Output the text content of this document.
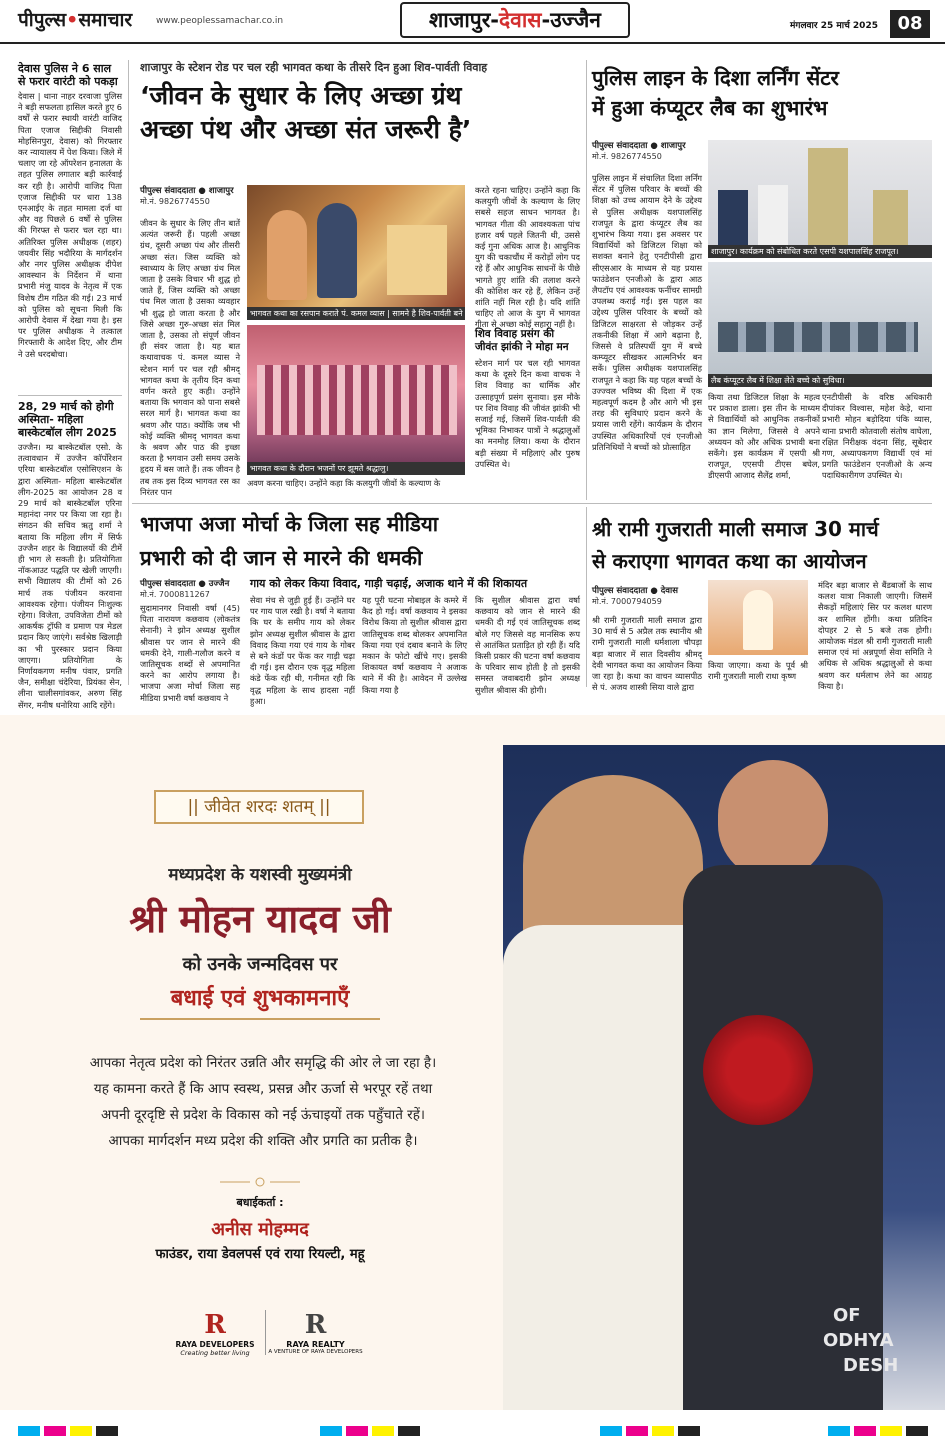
पीपुल्स•समाचार	www.peoplessamachar.co.in	शाजापुर-देवास-उज्जैन	मंगलवार 25 मार्च 2025	08
देवास पुलिस ने 6 साल से फरार वारंटी को पकड़ा
देवास | थाना नाहर दरवाजा पुलिस ने बड़ी सफलता हासिल करते हुए 6 वर्षों से फरार स्थायी वारंटी वाजिद पिता एजाज सिद्दीकी निवासी मोहसिनपुरा, देवास) को गिरफ्तार कर न्यायालय में पेश किया। जिले में चलाए जा रहे ऑपरेशन हनालता के तहत पुलिस लगातार बड़ी कार्रवाई कर रही है। आरोपी वाजिद पिता एजाज सिद्दीकी पर धारा 138 एनआईए के तहत मामला दर्ज था और वह पिछले 6 वर्षों से पुलिस की गिरफ्त से फरार चल रहा था। अतिरिक्त पुलिस अधीक्षक (शहर) जयवीर सिंह भदौरिया के मार्गदर्शन और नगर पुलिस अधीक्षक दीपेश आवस्थान के निर्देशन में थाना प्रभारी मंजु यादव के नेतृत्व में एक विशेष टीम गठित की गई। 23 मार्च को पुलिस को सूचना मिली कि आरोपी देवास में देखा गया है। इस पर पुलिस अधीक्षक ने तत्काल गिरफ्तारी के आदेश दिए, और टीम ने उसे धरदबोचा।
28, 29 मार्च को होगी अस्मिता- महिला बास्केटबॉल लीग 2025
उज्जैन। म्प्र बास्केटबॉल एसो. के तत्वावधान में उज्जैन कॉर्पोरेशन एरिया बास्केटबॉल एसोसिएशन के द्वारा अस्मिता- महिला बास्केटबॉल लीग-2025 का आयोजन 28 व 29 मार्च को बास्केटबॉल एरिना महानंदा नगर पर किया जा रहा है। संगठन की सचिव ऋतु शर्मा ने बताया कि महिला लीग में सिर्फ उज्जैन शहर के विद्यालयों की टीमें ही भाग ले सकती है। प्रतियोगिता नॉकआउट पद्धति पर खेली जाएगी। सभी विद्यालय की टीमों को 26 मार्च तक पंजीयन करवाना आवश्यक रहेगा। पंजीयन निःशुल्क रहेगा। विजेता, उपविजेता टीमों को आकर्षक ट्रॉफी व प्रमाण पत्र मेडल प्रदान किए जाएंगे। सर्वश्रेष्ठ खिलाड़ी का भी पुरस्कार प्रदान किया जाएगा। प्रतियोगिता के निर्णायकगण मनीष पंवार, प्रगति जैन, समीक्षा चंदेरिया, प्रियंका सेन, लीना चालीसगांवकर, अरुण सिंह सेंगर, मनीष धनोरिया आदि रहेंगे।
शाजापुर के स्टेशन रोड पर चल रही भागवत कथा के तीसरे दिन हुआ शिव-पार्वती विवाह
‘जीवन के सुधार के लिए अच्छा ग्रंथ
अच्छा पंथ और अच्छा संत जरूरी है’
पीपुल्स संवाददाता ● शाजापुर
मो.नं. 9826774550
जीवन के सुधार के लिए तीन बातें अत्यंत जरूरी हैं। पहली अच्छा ग्रंथ, दूसरी अच्छा पंथ और तीसरी अच्छा संत। जिस व्यक्ति को स्वाध्याय के लिए अच्छा ग्रंथ मिल जाता है उसके विचार भी शुद्ध हो जाते हैं, जिस व्यक्ति को अच्छा पंथ मिल जाता है उसका व्यवहार भी शुद्ध हो जाता करता है और जिसे अच्छा गुरु-अच्छा संत मिल जाता है, उसका तो संपूर्ण जीवन ही संवर जाता है। यह बात कथावाचक पं. कमल व्यास ने स्टेशन मार्ग पर चल रही श्रीमद् भागवत कथा के तृतीय दिन कथा वर्णन करते हुए कही। उन्होंने बताया कि भगवान को पाना सबसे सरल मार्ग है। भागवत कथा का श्रवण और पाठ। क्योंकि जब भी कोई व्यक्ति श्रीमद् भागवत कथा के श्रवण और पाठ की इच्छा करता है भगवान उसी समय उसके हृदय में बस जाते हैं। तक जीवन है तब तक इस दिव्य भागवत रस का निरंतर पान
भागवत कथा का रसपान कराते पं. कमल व्यास | सामने है शिव-पार्वती बने कलाकार।
भागवत कथा के दौरान भजनों पर झूमते श्रद्धालु।
अवण करना चाहिए। उन्होंने कहा कि कलयुगी जीवों के कल्याण के
करते रहना चाहिए। उन्होंने कहा कि कलयुगी जीवों के कल्याण के लिए सबसे सहज साधन भागवत है। भागवत गीता की आवश्यकता पांच हजार वर्ष पहले जितनी थी, उससे कई गुना अधिक आज है। आधुनिक युग की चकाचौंध में करोड़ों लोग पद रहे हैं और आधुनिक साधनों के पीछे भागते हुए शांति की तलाश करने की कोशिश कर रहे हैं, लेकिन उन्हें शांति नहीं मिल रही है। यदि शांति चाहिए तो आज के युग में भागवत गीता से अच्छा कोई सहारा नहीं है।
शिव विवाह प्रसंग की जीवंत झांकी ने मोहा मन
स्टेशन मार्ग पर चल रही भागवत कथा के दूसरे दिन कथा वाचक ने शिव विवाह का धार्मिक और उत्साहपूर्ण प्रसंग सुनाया। इस मौके पर शिव विवाह की जीवंत झांकी भी सजाई गई, जिसमें शिव-पार्वती की भूमिका निभाकर पात्रों ने श्रद्धालुओं का मनमोह लिया। कथा के दौरान बड़ी संख्या में महिलाएं और पुरुष उपस्थित थे।
पुलिस लाइन के दिशा लर्निंग सेंटर
में हुआ कंप्यूटर लैब का शुभारंभ
पीपुल्स संवाददाता ● शाजापुर
मो.नं. 9826774550
पुलिस लाइन में संचालित दिशा लर्निंग सेंटर में पुलिस परिवार के बच्चों की शिक्षा को उच्च आयाम देने के उद्देश्य से पुलिस अधीक्षक यशपालसिंह राजपूत के द्वारा कंप्यूटर लैब का शुभारंभ किया गया। इस अवसर पर विद्यार्थियों को डिजिटल शिक्षा को सशक्त बनाने हेतु एनटीपीसी द्वारा सीएसआर के माध्यम से यह प्रयास फाउंडेशन एनजीओ के द्वारा आठ लैपटॉप एवं आवश्यक फर्नीचर सामग्री उपलब्ध कराई गई। इस पहल का उद्देश्य पुलिस परिवार के बच्चों को डिजिटल साक्षरता से जोड़कर उन्हें तकनीकी शिक्षा में आगे बढ़ाना है, जिससे वे प्रतिस्पर्धी युग में बच्चे कम्प्यूटर सीखकर आत्मनिर्भर बन सकें। पुलिस अधीक्षक यशपालसिंह राजपूत ने कहा कि यह पहल बच्चों के उज्ज्वल भविष्य की दिशा में एक महत्वपूर्ण कदम है और आगे भी इस तरह की सुविधाएं प्रदान करने के प्रयास जारी रहेंगे। कार्यक्रम के दौरान उपस्थित अधिकारियों एवं एनजीओ प्रतिनिधियों ने बच्चों को प्रोत्साहित
शाजापुर। कार्यक्रम को संबोधित करते एसपी यशपालसिंह राजपूत।
लैब कंप्यूटर लैब में शिक्षा लेते बच्चे को सुविधा।
किया तथा डिजिटल शिक्षा के महत्व पर प्रकाश डाला। इस तीन के माध्यम से विद्यार्थियों को आधुनिक तकनीकों का ज्ञान मिलेगा, जिससे वे अपने अध्ययन को और अधिक प्रभावी बना सकेंगे। इस कार्यक्रम में एसपी श्री राजपूत, एएसपी टीएस बघेल, डीएसपी आजाद सैलेंद्र शर्मा,
एनटीपीसी के वरिष्ठ अधिकारी दीपांकर विश्वास, महेश केड़े, थाना प्रभारी मोहन बड़ोदिया पंकि व्यास, थाना प्रभारी कोतवाली संतोष वाघेला, रक्षित निरीक्षक वंदना सिंह, सूबेदार गण, अध्यापकगण विद्यार्थी एवं मां प्रगति फाउंडेशन एनजीओ के अन्य पदाधिकारीगण उपस्थित थे।
भाजपा अजा मोर्चा के जिला सह मीडिया
प्रभारी को दी जान से मारने की धमकी
पीपुल्स संवाददाता ● उज्जैन
मो.नं. 7000811267
गाय को लेकर किया विवाद, गाड़ी चढ़ाई, अजाक थाने में की शिकायत
सुदामानगर निवासी वर्षा (45) पिता नारायण कछवाय (लोकतंत्र सेनानी) ने झोन अध्यक्ष सुशील श्रीवास पर जान से मारने की धमकी देने, गाली-गलौज करने व जातिसूचक शब्दों से अपमानित करने का आरोप लगाया है। भाजपा अजा मोर्चा जिला सह मीडिया प्रभारी वर्षा कछवाय ने
सेवा मंच से जुड़ी हुई हैं। उन्होंने घर पर गाय पाल रखी है। वर्षा ने बताया कि घर के समीप गाय को लेकर झोन अध्यक्ष सुशील श्रीवास के द्वारा विवाद किया गया एवं गाय के गोबर से बने कंडों पर फेंक कर गाड़ी चढ़ा दी गई। इस दौरान एक वृद्ध महिला कंडे फेंक रही थी, गनीमत रही कि वृद्ध महिला के साथ हादसा नहीं हुआ।
यह पूरी घटना मोबाइल के कमरे में कैद हो गई। वर्षा कछवाय ने इसका विरोध किया तो सुशील श्रीवास द्वारा जातिसूचक शब्द बोलकर अपमानित किया गया एवं दबाव बनाने के लिए मकान के फोटो खींचे गए। इसकी शिकायत वर्षा कछवाय ने अजाक थाने में की है। आवेदन में उल्लेख किया गया है
कि सुशील श्रीवास द्वारा वर्षा कछवाय को जान से मारने की धमकी दी गई एवं जातिसूचक शब्द बोले गए जिससे वह मानसिक रूप से आतंकित प्रताड़ित हो रही हैं। यदि किसी प्रकार की घटना वर्षा कछवाय के परिवार साथ होती है तो इसकी समस्त जवाबदारी झोन अध्यक्ष सुशील श्रीवास की होगी।
श्री रामी गुजराती माली समाज 30 मार्च
से कराएगा भागवत कथा का आयोजन
पीपुल्स संवाददाता ● देवास
मो.नं. 7000794059
श्री रामी गुजराती माली समाज द्वारा 30 मार्च से 5 अप्रैल तक स्थानीय श्री रामी गुजराती माली धर्मशाला चौपड़ा बड़ा बाजार में सात दिवसीय श्रीमद् देवी भागवत कथा का आयोजन किया जा रहा है। कथा का वाचन व्यासपीठ से पं. अजय शास्त्री सिया वाले द्वारा
किया जाएगा। कथा के पूर्व श्री रामी गुजराती माली राधा कृष्ण
मंदिर बड़ा बाजार से बैंडबाजों के साथ कलश यात्रा निकाली जाएगी। जिसमें सैकड़ों महिलाएं सिर पर कलश धारण कर शामिल होंगी। कथा प्रतिदिन दोपहर 2 से 5 बजे तक होगी। आयोजक मंडल श्री रामी गुजराती माली समाज एवं मां अन्नपूर्णा सेवा समिति ने अधिक से अधिक श्रद्धालुओं से कथा श्रवण कर धर्मलाभ लेने का आग्रह किया है।
|| जीवेत शरदः शतम् ||
मध्यप्रदेश के यशस्वी मुख्यमंत्री
श्री मोहन यादव जी
को उनके जन्मदिवस पर
बधाई एवं शुभकामनाएँ
आपका नेतृत्व प्रदेश को निरंतर उन्नति और समृद्धि की ओर ले जा रहा है।
यह कामना करते हैं कि आप स्वस्थ, प्रसन्न और ऊर्जा से भरपूर रहें तथा
अपनी दूरदृष्टि से प्रदेश के विकास को नई ऊंचाइयों तक पहुँचाते रहें।
आपका मार्गदर्शन मध्य प्रदेश की शक्ति और प्रगति का प्रतीक है।
बधाईकर्ता :
अनीस मोहम्मद
फाउंडर, राया डेवलपर्स एवं राया रियल्टी, महू
R
RAYA DEVELOPERS
Creating better living
R
RAYA REALTY
A VENTURE OF RAYA DEVELOPERS
OF
ODHYA
DESH
